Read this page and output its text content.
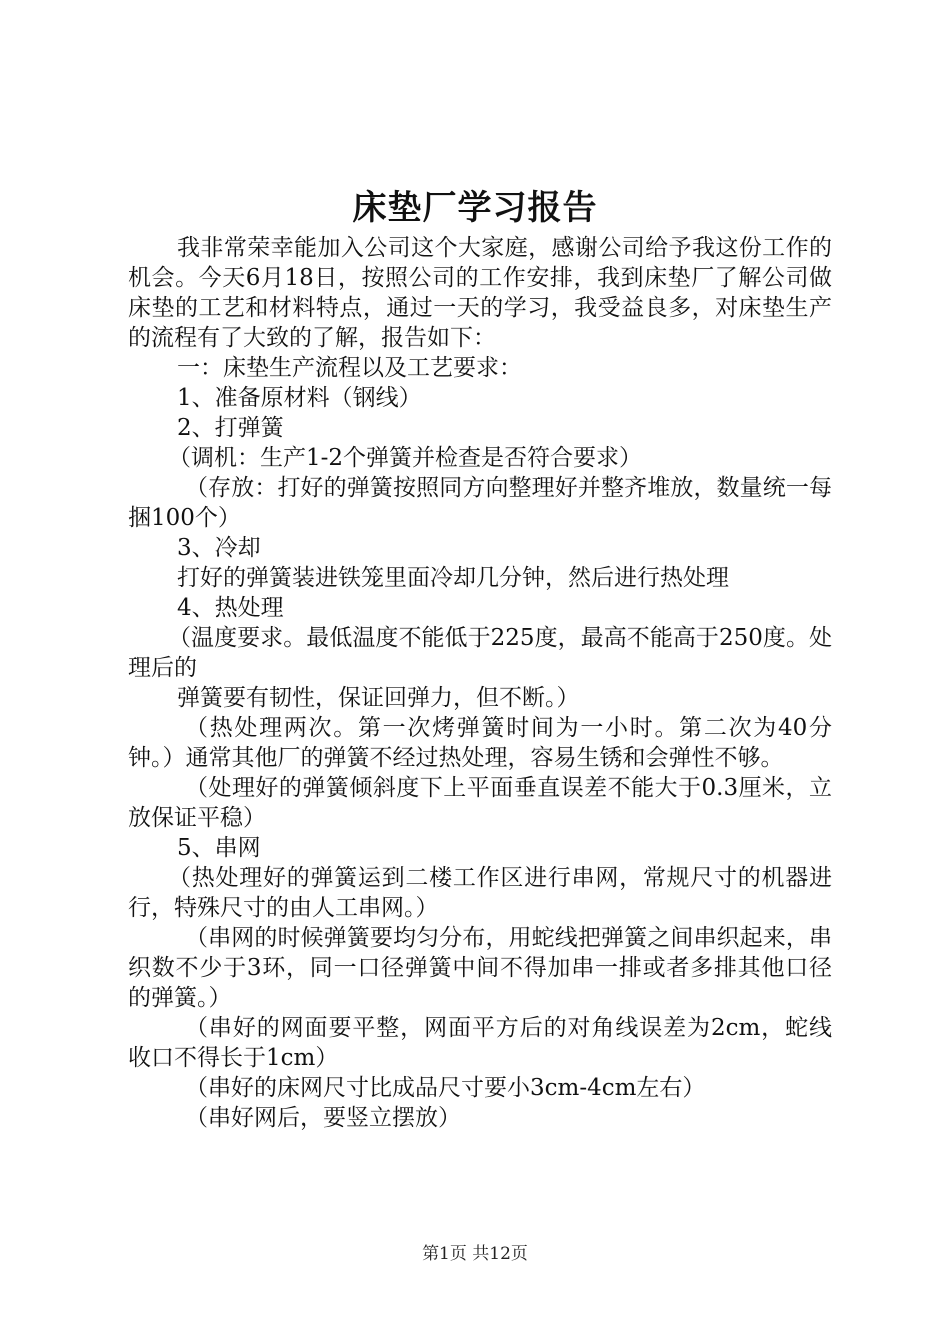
床垫厂学习报告

我非常荣幸能加入公司这个大家庭，感谢公司给予我这份工作的机会。今天6月18日，按照公司的工作安排，我到床垫厂了解公司做床垫的工艺和材料特点，通过一天的学习，我受益良多，对床垫生产的流程有了大致的了解，报告如下：

一：床垫生产流程以及工艺要求：

1、准备原材料（钢线）

2、打弹簧

（调机：生产1-2个弹簧并检查是否符合要求）

（存放：打好的弹簧按照同方向整理好并整齐堆放，数量统一每捆100个）

3、冷却

打好的弹簧装进铁笼里面冷却几分钟，然后进行热处理

4、热处理

（温度要求。最低温度不能低于225度，最高不能高于250度。处理后的

弹簧要有韧性，保证回弹力，但不断。）

（热处理两次。第一次烤弹簧时间为一小时。第二次为40分钟。）通常其他厂的弹簧不经过热处理，容易生锈和会弹性不够。

（处理好的弹簧倾斜度下上平面垂直误差不能大于0.3厘米，立放保证平稳）

5、串网

（热处理好的弹簧运到二楼工作区进行串网，常规尺寸的机器进行，特殊尺寸的由人工串网。）

（串网的时候弹簧要均匀分布，用蛇线把弹簧之间串织起来，串织数不少于3环，同一口径弹簧中间不得加串一排或者多排其他口径的弹簧。）

（串好的网面要平整，网面平方后的对角线误差为2cm，蛇线收口不得长于1cm）

（串好的床网尺寸比成品尺寸要小3cm-4cm左右）

（串好网后，要竖立摆放）

第1页 共12页
